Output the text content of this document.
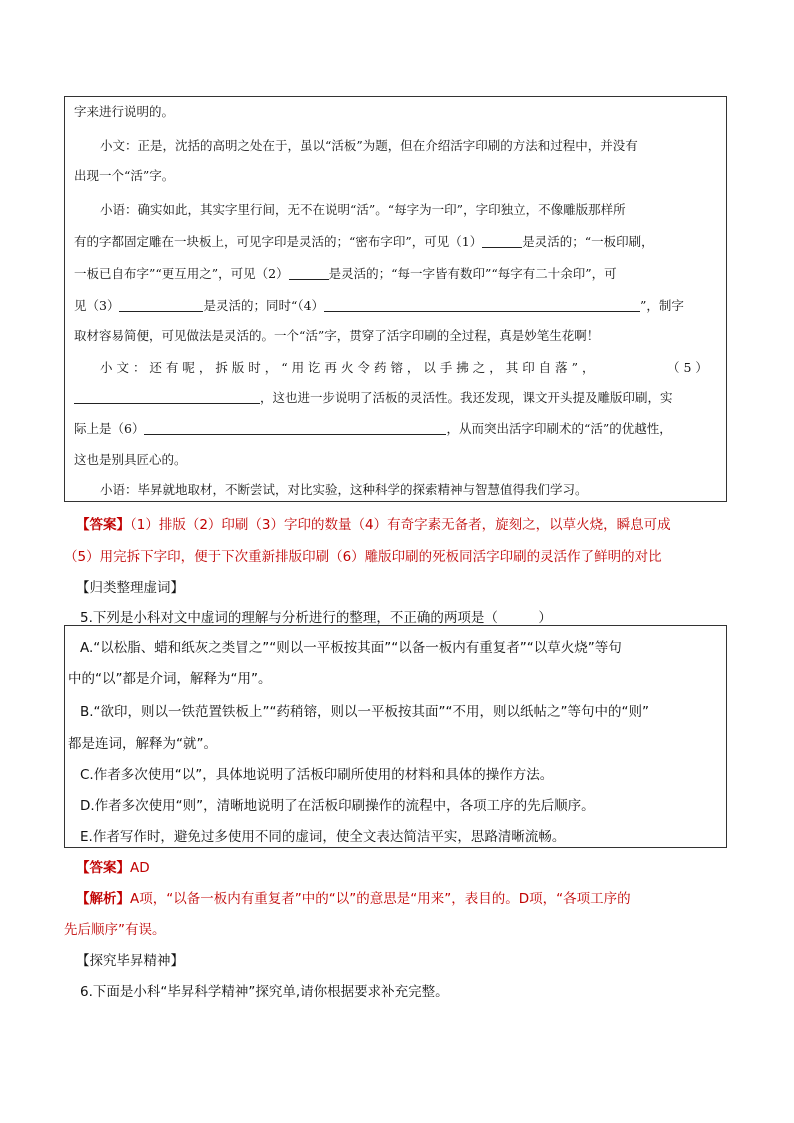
字来进行说明的。
小文：正是，沈括的高明之处在于，虽以“活板”为题，但在介绍活字印刷的方法和过程中，并没有
出现一个“活”字。
小语：确实如此，其实字里行间，无不在说明“活”。“每字为一印”，字印独立，不像雕版那样所
有的字都固定雕在一块板上，可见字印是灵活的；“密布字印”，可见（1）	是灵活的；“一板印刷，
一板已自布字”“更互用之”，可见（2）	是灵活的；“每一字皆有数印”“每字有二十余印”，可
见（3）	是灵活的；同时“（4）	”，制字
取材容易简便，可见做法是灵活的。一个“活”字，贯穿了活字印刷的全过程，真是妙笔生花啊！
小 文 ： 还 有 呢 ， 拆 版 时 ， “ 用 讫 再 火 令 药 镕 ， 以 手 拂 之 ， 其 印 自 落 ” ，	（ 5 ）
，这也进一步说明了活板的灵活性。我还发现，课文开头提及雕版印刷，实
际上是（6）	，从而突出活字印刷术的“活”的优越性，
这也是别具匠心的。
小语：毕昇就地取材，不断尝试，对比实验，这种科学的探索精神与智慧值得我们学习。
【答案】（1）排版（2）印刷（3）字印的数量（4）有奇字素无备者，旋刻之，以草火烧，瞬息可成
（5）用完拆下字印，便于下次重新排版印刷（6）雕版印刷的死板同活字印刷的灵活作了鲜明的对比
【归类整理虚词】
5.下列是小科对文中虚词的理解与分析进行的整理，不正确的两项是（　　　）
A.“以松脂、蜡和纸灰之类冒之”“则以一平板按其面”“以备一板内有重复者”“以草火烧”等句
中的“以”都是介词，解释为“用”。
B.“欲印，则以一铁范置铁板上”“药稍镕，则以一平板按其面”“不用，则以纸帖之”等句中的“则”
都是连词，解释为“就”。
C.作者多次使用“以”，具体地说明了活板印刷所使用的材料和具体的操作方法。
D.作者多次使用“则”，清晰地说明了在活板印刷操作的流程中，各项工序的先后顺序。
E.作者写作时，避免过多使用不同的虚词，使全文表达简洁平实，思路清晰流畅。
【答案】AD
【解析】A项，“以备一板内有重复者”中的“以”的意思是“用来”，表目的。D项，“各项工序的
先后顺序”有误。
【探究毕昇精神】
6.下面是小科“毕昇科学精神”探究单,请你根据要求补充完整。
